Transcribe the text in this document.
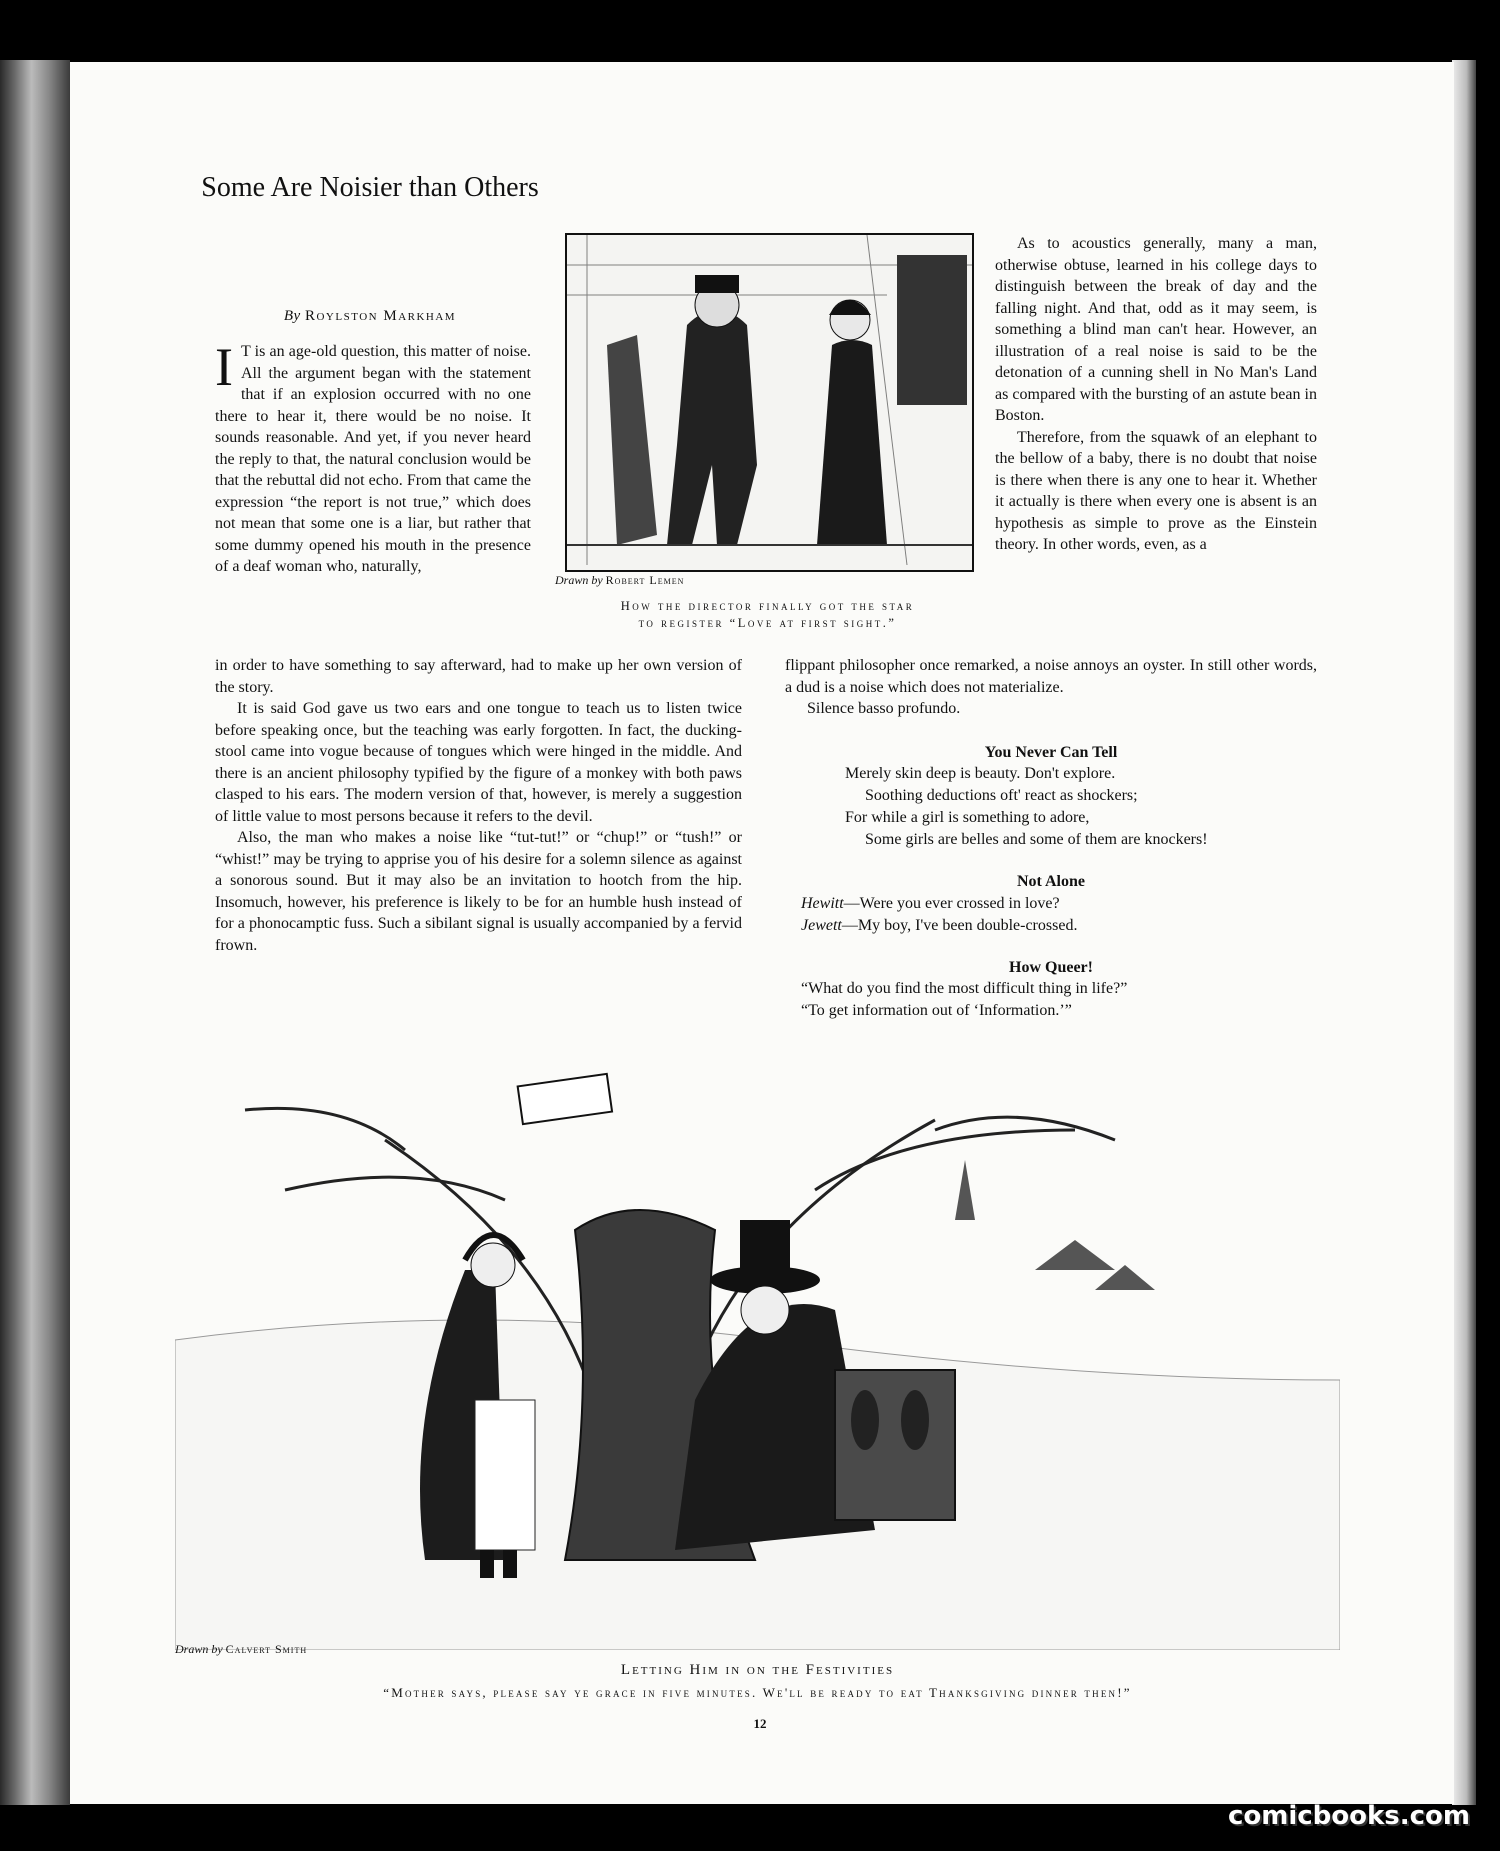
Some Are Noisier than Others
By Roylston Markham

I T is an age-old question, this matter of noise. All the argument began with the statement that if an explosion occurred with no one there to hear it, there would be no noise. It sounds reasonable. And yet, if you never heard the reply to that, the natural conclusion would be that the rebuttal did not echo. From that came the expression “the report is not true,” which does not mean that some one is a liar, but rather that some dummy opened his mouth in the presence of a deaf woman who, naturally,

in order to have something to say afterward, had to make up her own version of the story.

It is said God gave us two ears and one tongue to teach us to listen twice before speaking once, but the teaching was early forgotten. In fact, the ducking-stool came into vogue because of tongues which were hinged in the middle. And there is an ancient philosophy typified by the figure of a monkey with both paws clasped to his ears. The modern version of that, however, is merely a suggestion of little value to most persons because it refers to the devil.

Also, the man who makes a noise like “tut-tut!” or “chup!” or “tush!” or “whist!” may be trying to apprise you of his desire for a solemn silence as against a sonorous sound. But it may also be an invitation to hootch from the hip. Insomuch, however, his preference is likely to be for an humble hush instead of for a phonocamptic fuss. Such a sibilant signal is usually accompanied by a fervid frown.

Drawn by Robert Lemen
How the director finally got the star
to register “Love at first sight.”

As to acoustics generally, many a man, otherwise obtuse, learned in his college days to distinguish between the break of day and the falling night. And that, odd as it may seem, is something a blind man can't hear. However, an illustration of a real noise is said to be the detonation of a cunning shell in No Man's Land as compared with the bursting of an astute bean in Boston.

Therefore, from the squawk of an elephant to the bellow of a baby, there is no doubt that noise is there when there is any one to hear it. Whether it actually is there when every one is absent is an hypothesis as simple to prove as the Einstein theory. In other words, even, as a

flippant philosopher once remarked, a noise annoys an oyster. In still other words, a dud is a noise which does not materialize.

Silence basso profundo.

You Never Can Tell
Merely skin deep is beauty. Don't explore.
Soothing deductions oft' react as shockers;
For while a girl is something to adore,
Some girls are belles and some of them are knockers!
Not Alone
Hewitt—Were you ever crossed in love?
Jewett—My boy, I've been double-crossed.
How Queer!
“What do you find the most difficult thing in life?”
“To get information out of ‘Information.’”
Drawn by Calvert Smith
Letting Him in on the Festivities
“Mother says, please say ye grace in five minutes. We'll be ready to eat Thanksgiving dinner then!”
12
comicbooks.com
